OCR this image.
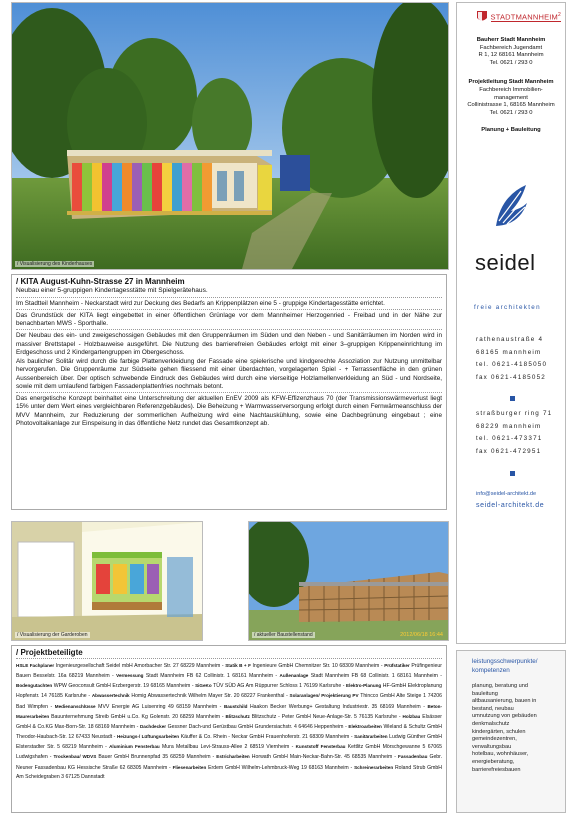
/ Visualisierung des Kinderhauses
/ KITA August-Kuhn-Strasse 27 in Mannheim
Neubau einer 5-gruppigen Kindertagesstätte mit Spielgerätehaus.

Im Stadtteil Mannheim - Neckarstadt wird zur Deckung des Bedarfs an Krippenplätzen eine 5 - gruppige Kindertagesstätte errichtet.

Das Grundstück der KITA liegt eingebettet in einer öffentlichen Grünlage vor dem Mannheimer Herzogenried - Freibad und in der Nähe zur benachbarten MWS - Sporthalle.

Der Neubau des ein- und zweigeschossigen Gebäudes mit den Gruppenräumen im Süden und den Neben - und Sanitärräumen im Norden wird in massiver Brettstapel - Holzbauweise ausgeführt. Die Nutzung des barrierefreien Gebäudes erfolgt mit einer 3–gruppigen Krippeneinrichtung im Erdgeschoss und 2 Kindergartengruppen im Obergeschoss.

Als baulicher Solitär wird durch die farbige Plattenverkleidung der Fassade eine spielerische und kindgerechte Assoziation zur Nutzung unmittelbar hervorgerufen. Die Gruppenräume zur Südseite gehen fliessend mit einer überdachten, vorgelagerten Spiel - + Terrassenfläche in den grünen Aussenbereich über. Der optisch schwebende Eindruck des Gebäudes wird durch eine vierseitige Holzlamellenverkleidung an Süd - und Nordseite, sowie mit dem umlaufend farbigen Fassadenplattenfries nochmals betont.

Das energetische Konzept beinhaltet eine Unterschreitung der aktuellen EnEV 2009 als KFW-Effizenzhaus 70 (der Transmissionswärmeverlust liegt 15% unter dem Wert eines vergleichbaren Referenzgebäudes). Die Beheizung + Warmwasserversorgung erfolgt durch einen Fernwärmeanschluss der MVV Mannheim, zur Reduzierung der sommerlichen Aufheizung wird eine Nachtauskühlung, sowie eine Dachbegrünung eingebaut ; eine Photovoltaikanlage zur Einspeisung in das öffentliche Netz rundet das Gesamtkonzept ab.

/ Visualisierung der Garderoben	/ aktueller Baustellenstand	2012/06/18 16:44
/ Projektbeteiligte
HSLE Fachplaner Ingenieurgesellschaft Seidel mbH Amorbacher Str. 27 68229 Mannheim - Statik B + F Ingenieure GmbH Chemnitzer Str. 10 68309 Mannheim - Prüfstatiker Prüfingenieur Bauen Besselstr. 16a 68219 Mannheim - Vermessung Stadt Mannheim FB 62 Collinistr. 1 68161 Mannheim - Außenanlage Stadt Mannheim FB 68 Collinistr. 1 68161 Mannheim - Bodengutachten WPW Geoconsult GmbH Erzbergerstr. 19 68165 Mannheim - SiGeKo TÜV SÜD AG Am Rüppurrer Schloss 1 76199 Karlsruhe - Elektro-Planung HF-GmbH Elektroplanung Hopfenstr. 14 76185 Karlsruhe - Abwassertechnik Homig Abwassertechnik Wilhelm Mayer Str. 20 68227 Frankenthal - Solaranlagen/ Projektierung PV Thincco GmbH Alte Steige 1 74206 Bad Wimpfen - Medienanschlüsse MVV Energie AG Luisenring 49 68159 Mannheim - Baustchild Haakon Becker Werbung+ Gestaltung Industriestr. 35 68169 Mannheim - Beton- Maurerarbeiten Bauunternehmung Streib GmbH u.Co. Kg Golenstr. 20 68259 Mannheim - Blitzschutz Blitzschutz - Peter GmbH Neue-Anlage-Str. 5 76135 Karlsruhe - Holzbau Elsässer GmbH & Co.KG Max-Born-Str. 18 68169 Mannheim - Dachdecker Gessner Dach-und Gerüstbau GmbH Grundersiachstr. 4 64646 Heppenheim - Elektroarbeiten Wieland & Schultz GmbH Theodor-Haubach-Str. 12 67433 Neustadt - Heizungs-/ Lüftungsarbeiten Käuffer & Co. Rhein - Neckar GmbH Frauenhoferstr. 21 68309 Mannheim - Sanitärarbeiten Ludwig Günther GmbH Elsterstadter Str. 5 68219 Mannheim - Aluminium Fensterbau Mura Metallbau Levi-Strauss-Allee 2 68519 Viernheim - Kunststoff Fensterbau Kettlitz GmbH Mörschgewanne 5 67065 Ludwigshafen - Trockenbau/ WDVS Bauer GmbH Brunnenpfad 35 68259 Mannheim - Estricharbeiten Horwath GmbH Main-Neckar-Bahn-Str. 45 68535 Mannheim - Fassadenbau Gebr. Neuner Fassadenbau KG Hessische Straße 62 68305 Mannheim - Fliesenarbeiten Erdem GmbH Wilhelm-Lehmbruck-Weg 19 68163 Mannheim - Schreinerarbeiten Roland Strub GmbH Am Scheidegraben 3 67125 Dannstadt
STADTMANNHEIM$^2$
Bauherr Stadt Mannheim
Fachbereich Jugendamt
R 1, 12 68161 Mannheim
Tel. 0621 / 293 0
Projektleitung Stadt Mannheim
Fachbereich Immobilien-
management
Collinistrasse 1, 68165 Mannheim
Tel. 0621 / 293 0
Planung + Bauleitung
seidel
freie architekten
rathenaustraße 4
68165 mannheim
tel. 0621-4185050
fax 0621-4185052
straßburger ring 71
68229 mannheim
tel. 0621-473371
fax 0621-472951
info@seidel-architekt.de
seidel-architekt.de
leistungsschwerpunkte/
kompetenzen
planung, beratung und
bauleitung
altbausanierung, bauen in
bestand, neubau
umnutzung von gebäuden
denkmalschutz
kindergärten, schulen
gemeindezentren,
verwaltungsbau
hotelbau, wohnhäuser,
energieberatung,
barrierefreiesbauen
